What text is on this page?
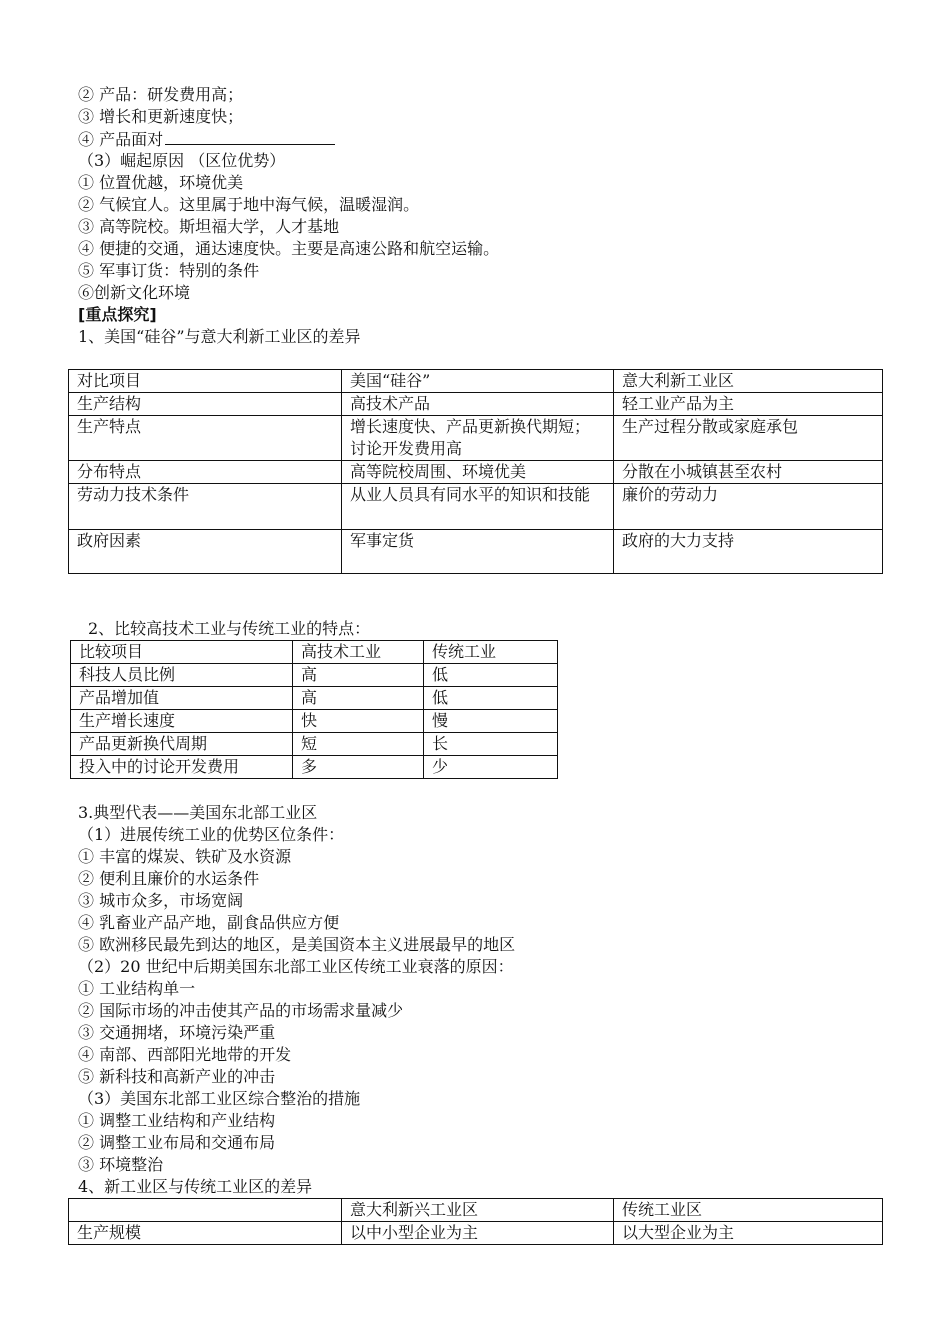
② 产品：研发费用高；
③ 增长和更新速度快；
④ 产品面对
（3）崛起原因 （区位优势）
① 位置优越，环境优美
② 气候宜人。这里属于地中海气候，温暖湿润。
③ 高等院校。斯坦福大学，人才基地
④ 便捷的交通，通达速度快。主要是高速公路和航空运输。
⑤ 军事订货：特别的条件
⑥创新文化环境
[重点探究]
1、美国“硅谷”与意大利新工业区的差异
对比项目	美国“硅谷”	意大利新工业区
生产结构	高技术产品	轻工业产品为主
生产特点	增长速度快、产品更新换代期短；讨论开发费用高	生产过程分散或家庭承包
分布特点	高等院校周围、环境优美	分散在小城镇甚至农村
劳动力技术条件	从业人员具有同水平的知识和技能	廉价的劳动力
政府因素	军事定货	政府的大力支持
2、比较高技术工业与传统工业的特点：
比较项目	高技术工业	传统工业
科技人员比例	高	低
产品增加值	高	低
生产增长速度	快	慢
产品更新换代周期	短	长
投入中的讨论开发费用	多	少
3.典型代表——美国东北部工业区
（1）进展传统工业的优势区位条件：
① 丰富的煤炭、铁矿及水资源
② 便利且廉价的水运条件
③ 城市众多，市场宽阔
④ 乳畜业产品产地，副食品供应方便
⑤ 欧洲移民最先到达的地区，是美国资本主义进展最早的地区
（2）20 世纪中后期美国东北部工业区传统工业衰落的原因：
① 工业结构单一
② 国际市场的冲击使其产品的市场需求量减少
③ 交通拥堵，环境污染严重
④ 南部、西部阳光地带的开发
⑤ 新科技和高新产业的冲击
（3）美国东北部工业区综合整治的措施
① 调整工业结构和产业结构
② 调整工业布局和交通布局
③ 环境整治
4、新工业区与传统工业区的差异
	意大利新兴工业区	传统工业区
生产规模	以中小型企业为主	以大型企业为主
